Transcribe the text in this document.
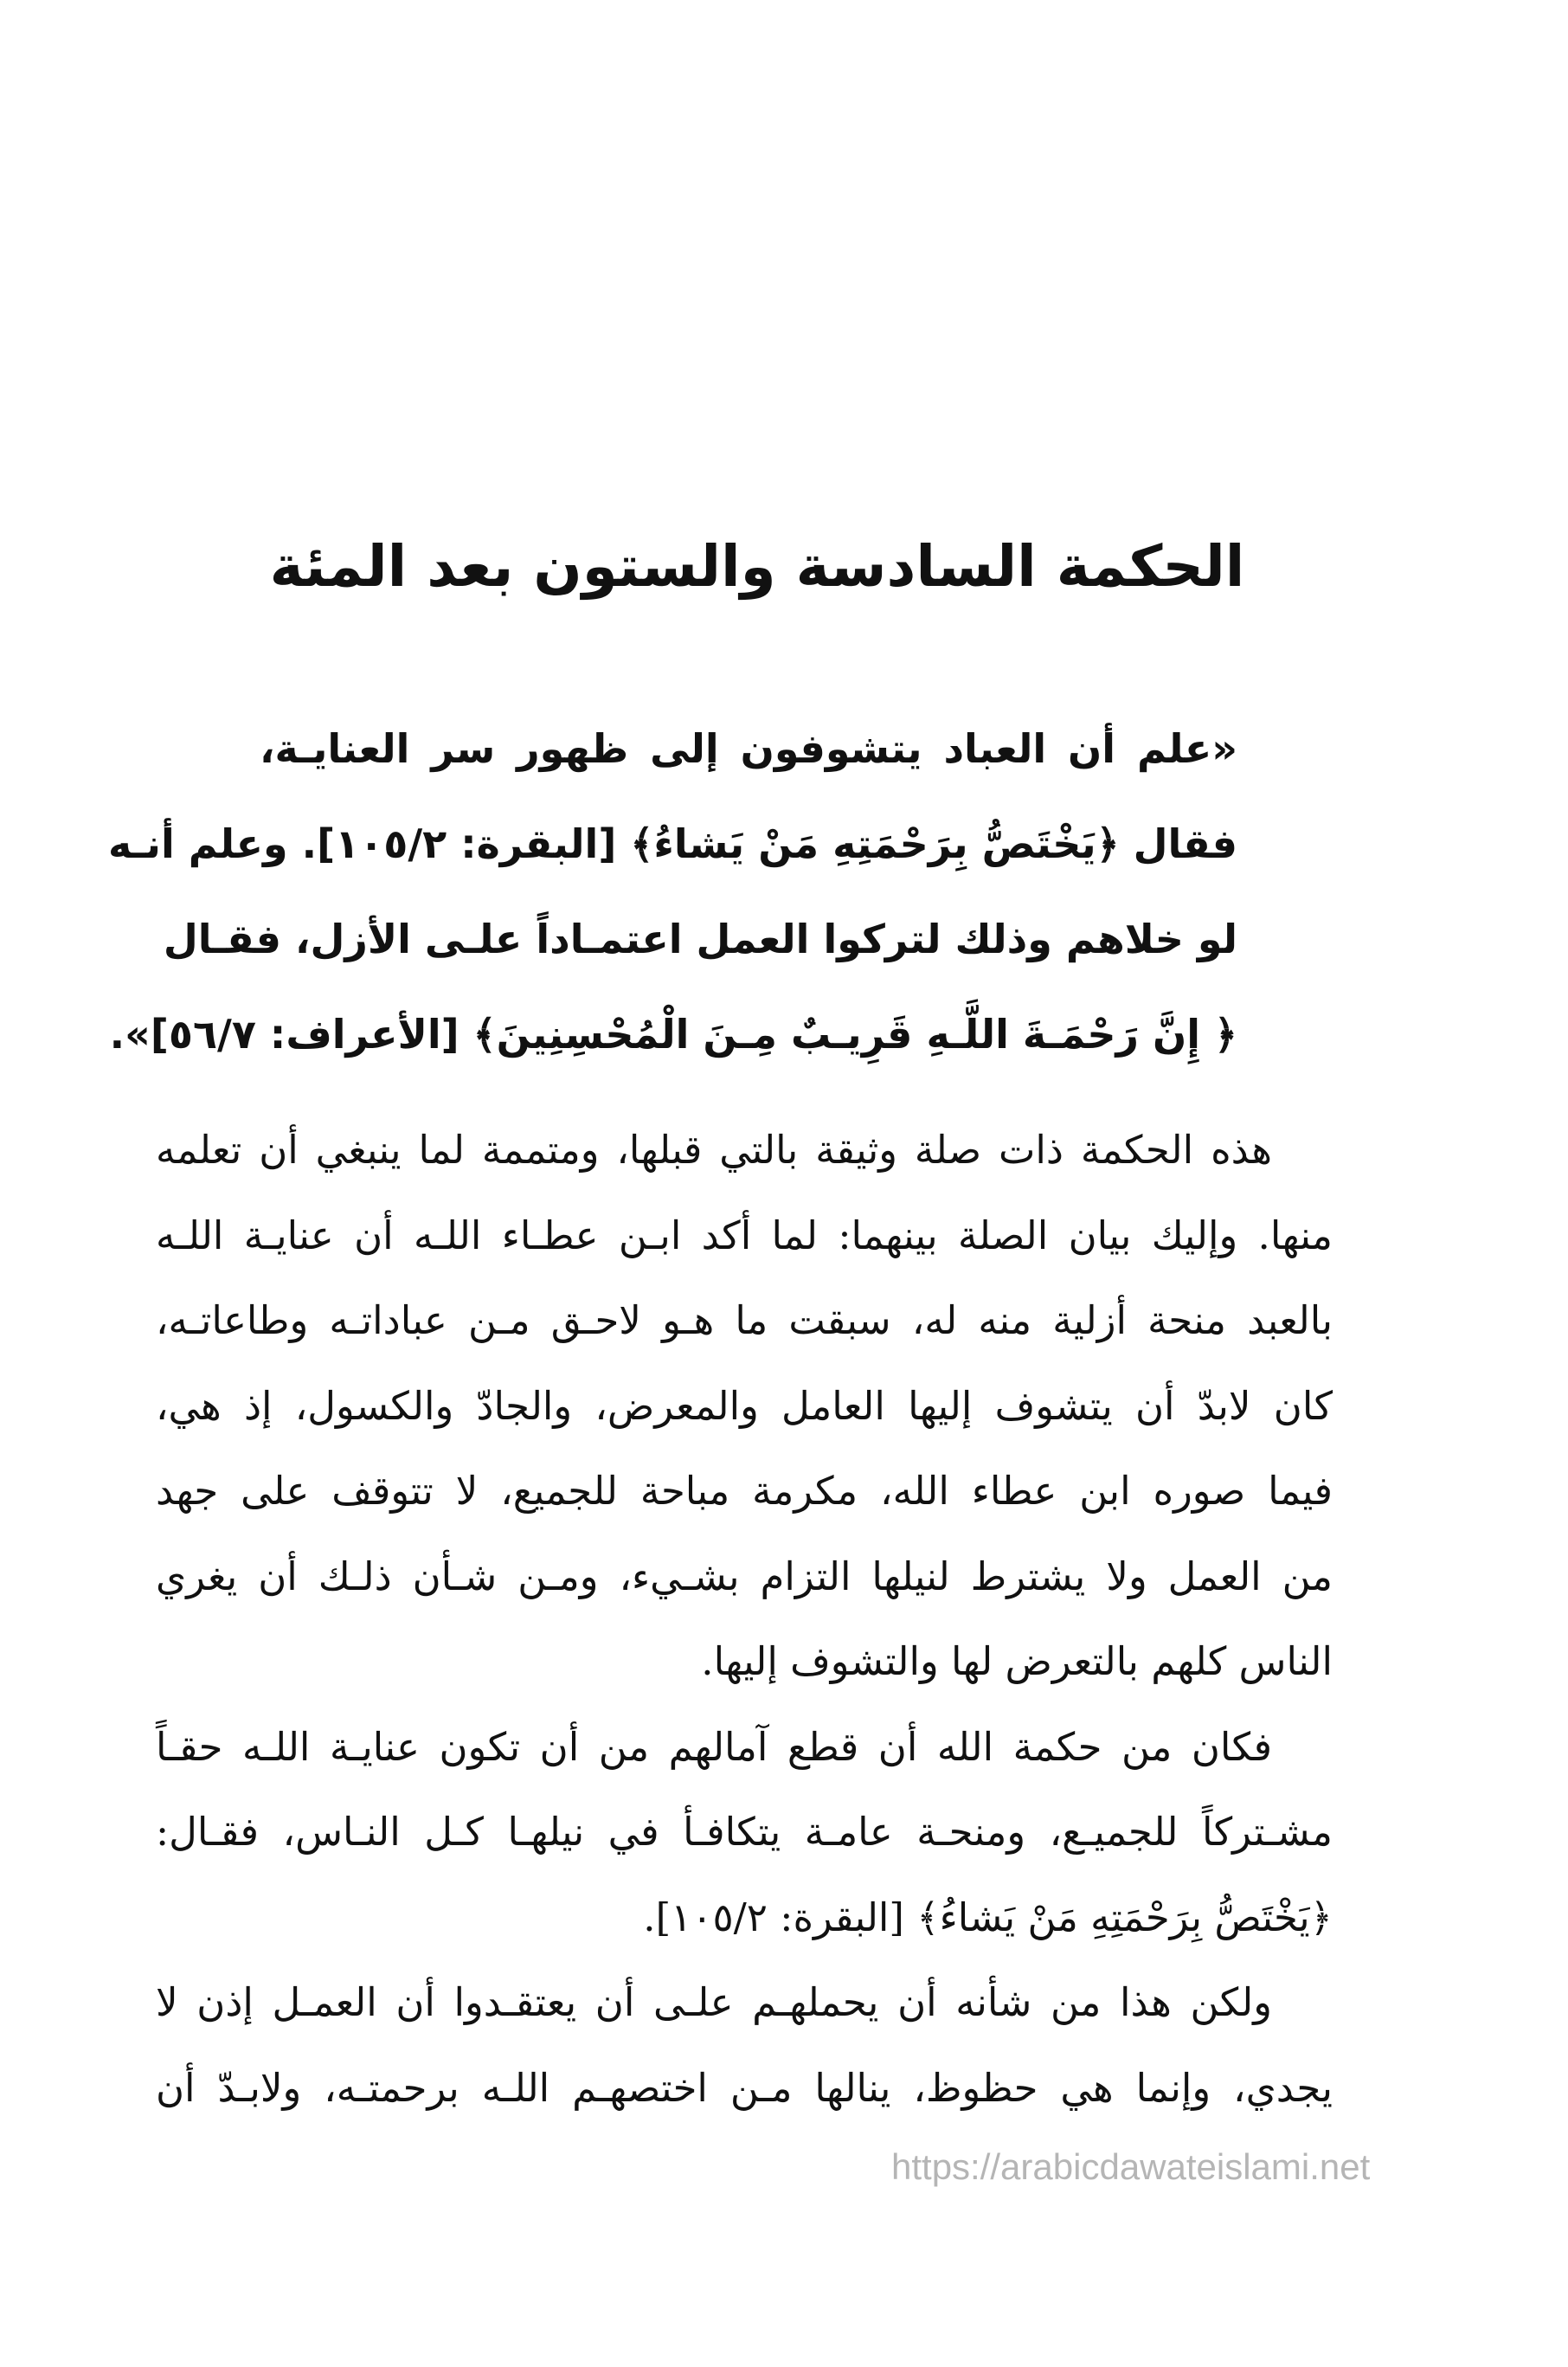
الحكمة السادسة والستون بعد المئة
«علم أن العباد يتشوفون إلى ظهور سر العنايـة،
فقال ﴿يَخْتَصُّ بِرَحْمَتِهِ مَنْ يَشاءُ﴾ [البقرة: ١٠٥/٢]. وعلم أنـه
لو خلاهم وذلك لتركوا العمل اعتمـاداً علـى الأزل، فقـال
﴿ إِنَّ رَحْمَـةَ اللَّـهِ قَرِيـبٌ مِـنَ الْمُحْسِنِينَ﴾ [الأعراف: ٥٦/٧]».
هذه الحكمة ذات صلة وثيقة بالتي قبلها، ومتممة لما ينبغي أن تعلمه
منها. وإليك بيان الصلة بينهما: لما أكد ابـن عطـاء اللـه أن عنايـة اللـه
بالعبد منحة أزلية منه له، سبقت ما هـو لاحـق مـن عباداتـه وطاعاتـه،
كان لابدّ أن يتشوف إليها العامل والمعرض، والجادّ والكسول، إذ هي،
فيما صوره ابن عطاء الله، مكرمة مباحة للجميع، لا تتوقف على جهد
من العمل ولا يشترط لنيلها التزام بشـيء، ومـن شـأن ذلـك أن يغري
الناس كلهم بالتعرض لها والتشوف إليها.
فكان من حكمة الله أن قطع آمالهم من أن تكون عنايـة اللـه حقـاً
مشـتركاً للجميـع، ومنحـة عامـة يتكافـأ في نيلهـا كـل النـاس، فقـال:
﴿يَخْتَصُّ بِرَحْمَتِهِ مَنْ يَشاءُ﴾ [البقرة: ١٠٥/٢].
ولكن هذا من شأنه أن يحملهـم علـى أن يعتقـدوا أن العمـل إذن لا
يجدي، وإنما هي حظوظ، ينالها مـن اختصهـم اللـه برحمتـه، ولابـدّ أن
https://arabicdawateislami.net
